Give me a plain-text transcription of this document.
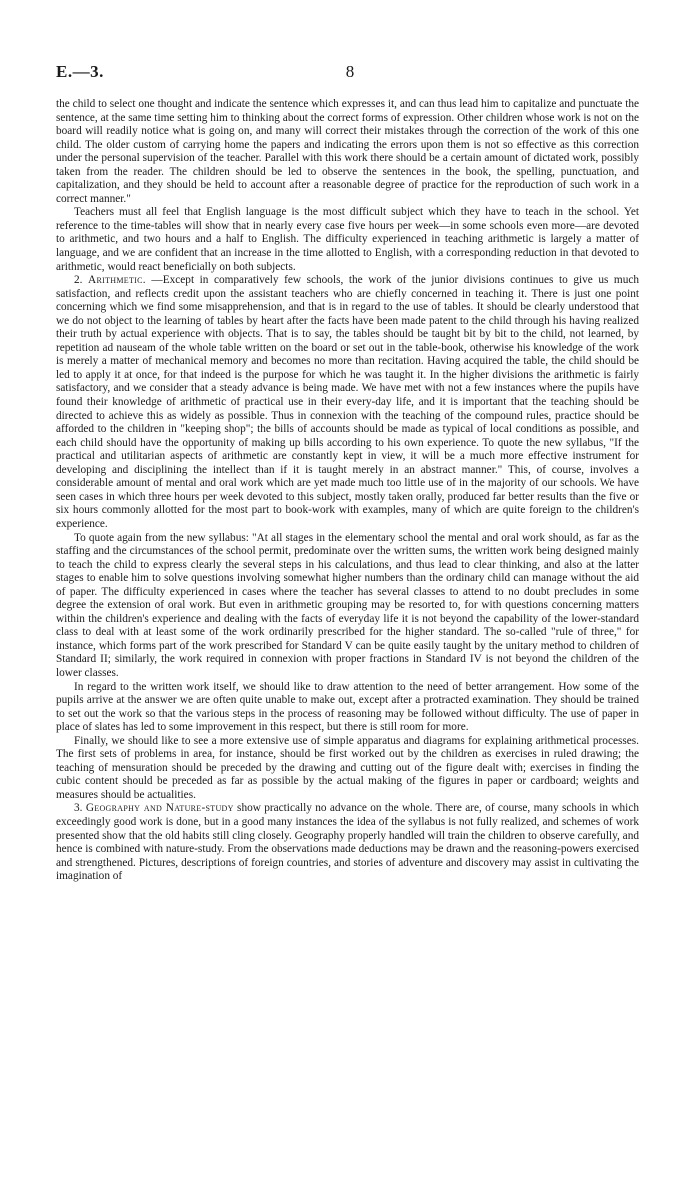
E.—3.	8

the child to select one thought and indicate the sentence which expresses it, and can thus lead him to capitalize and punctuate the sentence, at the same time setting him to thinking about the correct forms of expression. Other children whose work is not on the board will readily notice what is going on, and many will correct their mistakes through the correction of the work of this one child. The older custom of carrying home the papers and indicating the errors upon them is not so effective as this correction under the personal supervision of the teacher. Parallel with this work there should be a certain amount of dictated work, possibly taken from the reader. The children should be led to observe the sentences in the book, the spelling, punctuation, and capitalization, and they should be held to account after a reasonable degree of practice for the reproduction of such work in a correct manner."

Teachers must all feel that English language is the most difficult subject which they have to teach in the school. Yet reference to the time-tables will show that in nearly every case five hours per week—in some schools even more—are devoted to arithmetic, and two hours and a half to English. The difficulty experienced in teaching arithmetic is largely a matter of language, and we are confident that an increase in the time allotted to English, with a corresponding reduction in that devoted to arithmetic, would react beneficially on both subjects.

2. Arithmetic. —Except in comparatively few schools, the work of the junior divisions continues to give us much satisfaction, and reflects credit upon the assistant teachers who are chiefly concerned in teaching it. There is just one point concerning which we find some misapprehension, and that is in regard to the use of tables. It should be clearly understood that we do not object to the learning of tables by heart after the facts have been made patent to the child through his having realized their truth by actual experience with objects. That is to say, the tables should be taught bit by bit to the child, not learned, by repetition ad nauseam of the whole table written on the board or set out in the table-book, otherwise his knowledge of the work is merely a matter of mechanical memory and becomes no more than recitation. Having acquired the table, the child should be led to apply it at once, for that indeed is the purpose for which he was taught it. In the higher divisions the arithmetic is fairly satisfactory, and we consider that a steady advance is being made. We have met with not a few instances where the pupils have found their knowledge of arithmetic of practical use in their every-day life, and it is important that the teaching should be directed to achieve this as widely as possible. Thus in connexion with the teaching of the compound rules, practice should be afforded to the children in "keeping shop"; the bills of accounts should be made as typical of local conditions as possible, and each child should have the opportunity of making up bills according to his own experience. To quote the new syllabus, "If the practical and utilitarian aspects of arithmetic are constantly kept in view, it will be a much more effective instrument for developing and disciplining the intellect than if it is taught merely in an abstract manner." This, of course, involves a considerable amount of mental and oral work which are yet made much too little use of in the majority of our schools. We have seen cases in which three hours per week devoted to this subject, mostly taken orally, produced far better results than the five or six hours commonly allotted for the most part to book-work with examples, many of which are quite foreign to the children's experience.

To quote again from the new syllabus: "At all stages in the elementary school the mental and oral work should, as far as the staffing and the circumstances of the school permit, predominate over the written sums, the written work being designed mainly to teach the child to express clearly the several steps in his calculations, and thus lead to clear thinking, and also at the latter stages to enable him to solve questions involving somewhat higher numbers than the ordinary child can manage without the aid of paper. The difficulty experienced in cases where the teacher has several classes to attend to no doubt precludes in some degree the extension of oral work. But even in arithmetic grouping may be resorted to, for with questions concerning matters within the children's experience and dealing with the facts of everyday life it is not beyond the capability of the lower-standard class to deal with at least some of the work ordinarily prescribed for the higher standard. The so-called "rule of three," for instance, which forms part of the work prescribed for Standard V can be quite easily taught by the unitary method to children of Standard II; similarly, the work required in connexion with proper fractions in Standard IV is not beyond the children of the lower classes.

In regard to the written work itself, we should like to draw attention to the need of better arrangement. How some of the pupils arrive at the answer we are often quite unable to make out, except after a protracted examination. They should be trained to set out the work so that the various steps in the process of reasoning may be followed without difficulty. The use of paper in place of slates has led to some improvement in this respect, but there is still room for more.

Finally, we should like to see a more extensive use of simple apparatus and diagrams for explaining arithmetical processes. The first sets of problems in area, for instance, should be first worked out by the children as exercises in ruled drawing; the teaching of mensuration should be preceded by the drawing and cutting out of the figure dealt with; exercises in finding the cubic content should be preceded as far as possible by the actual making of the figures in paper or cardboard; weights and measures should be actualities.

3. Geography and Nature-study show practically no advance on the whole. There are, of course, many schools in which exceedingly good work is done, but in a good many instances the idea of the syllabus is not fully realized, and schemes of work presented show that the old habits still cling closely. Geography properly handled will train the children to observe carefully, and hence is combined with nature-study. From the observations made deductions may be drawn and the reasoning-powers exercised and strengthened. Pictures, descriptions of foreign countries, and stories of adventure and discovery may assist in cultivating the imagination of
